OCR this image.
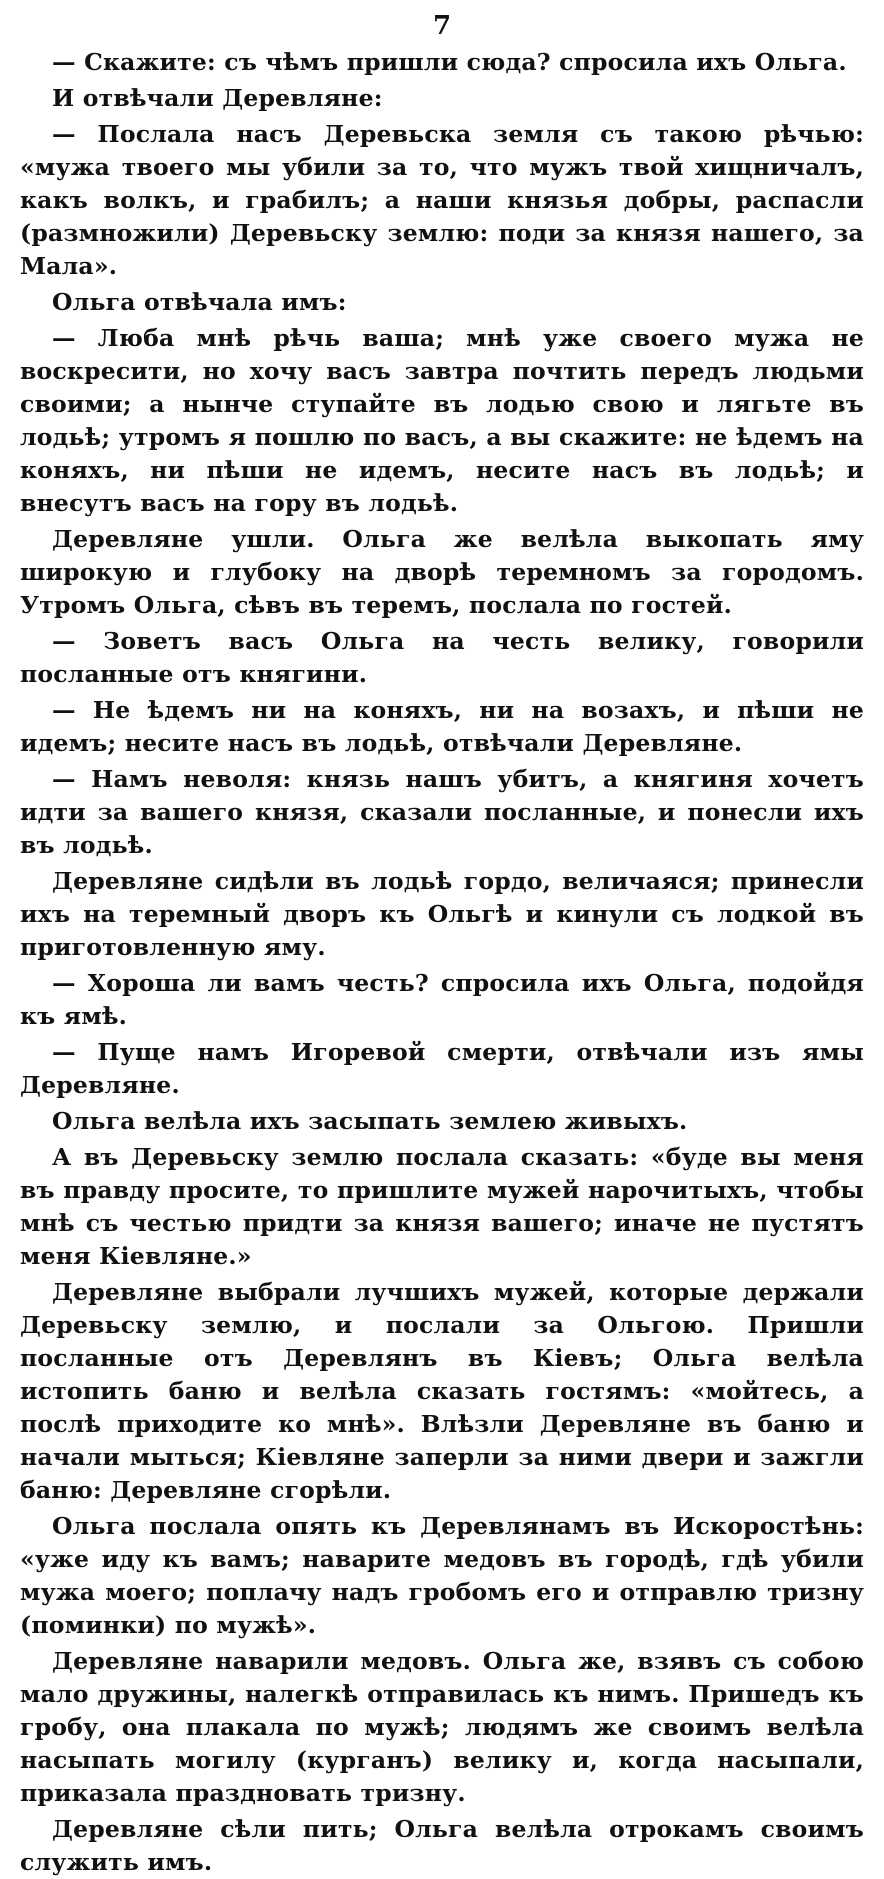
7

— Скажите: съ чѣмъ пришли сюда? спросила ихъ Ольга.

И отвѣчали Деревляне:

— Послала насъ Деревьска земля съ такою рѣчью: «мужа твоего мы убили за то, что мужъ твой хищничалъ, какъ волкъ, и грабилъ; а наши князья добры, распасли (размножили) Деревьску землю: поди за князя нашего, за Мала».

Ольга отвѣчала имъ:

— Люба мнѣ рѣчь ваша; мнѣ уже своего мужа не воскресити, но хочу васъ завтра почтить передъ людьми своими; а нынче ступайте въ лодью свою и лягьте въ лодьѣ; утромъ я пошлю по васъ, а вы скажите: не ѣдемъ на коняхъ, ни пѣши не идемъ, несите насъ въ лодьѣ; и внесутъ васъ на гору въ лодьѣ.

Деревляне ушли. Ольга же велѣла выкопать яму широкую и глубоку на дворѣ теремномъ за городомъ. Утромъ Ольга, сѣвъ въ теремъ, послала по гостей.

— Зоветъ васъ Ольга на честь велику, говорили посланные отъ княгини.

— Не ѣдемъ ни на коняхъ, ни на возахъ, и пѣши не идемъ; несите насъ въ лодьѣ, отвѣчали Деревляне.

— Намъ неволя: князь нашъ убитъ, а княгиня хочетъ идти за вашего князя, сказали посланные, и понесли ихъ въ лодьѣ.

Деревляне сидѣли въ лодьѣ гордо, величаяся; принесли ихъ на теремный дворъ къ Ольгѣ и кинули съ лодкой въ приготовленную яму.

— Хороша ли вамъ честь? спросила ихъ Ольга, подойдя къ ямѣ.

— Пуще намъ Игоревой смерти, отвѣчали изъ ямы Деревляне.

Ольга велѣла ихъ засыпать землею живыхъ.

А въ Деревьску землю послала сказать: «буде вы меня въ правду просите, то пришлите мужей нарочитыхъ, чтобы мнѣ съ честью придти за князя вашего; иначе не пустятъ меня Кіевляне.»

Деревляне выбрали лучшихъ мужей, которые держали Деревьску землю, и послали за Ольгою. Пришли посланные отъ Деревлянъ въ Кіевъ; Ольга велѣла истопить баню и велѣла сказать гостямъ: «мойтесь, а послѣ приходите ко мнѣ». Влѣзли Деревляне въ баню и начали мыться; Кіевляне заперли за ними двери и зажгли баню: Деревляне сгорѣли.

Ольга послала опять къ Деревлянамъ въ Искоростѣнь: «уже иду къ вамъ; наварите медовъ въ городѣ, гдѣ убили мужа моего; поплачу надъ гробомъ его и отправлю тризну (поминки) по мужѣ».

Деревляне наварили медовъ. Ольга же, взявъ съ собою мало дружины, налегкѣ отправилась къ нимъ. Пришедъ къ гробу, она плакала по мужѣ; людямъ же своимъ велѣла насыпать могилу (курганъ) велику и, когда насыпали, приказала праздновать тризну.

Деревляне сѣли пить; Ольга велѣла отрокамъ своимъ служить имъ.
